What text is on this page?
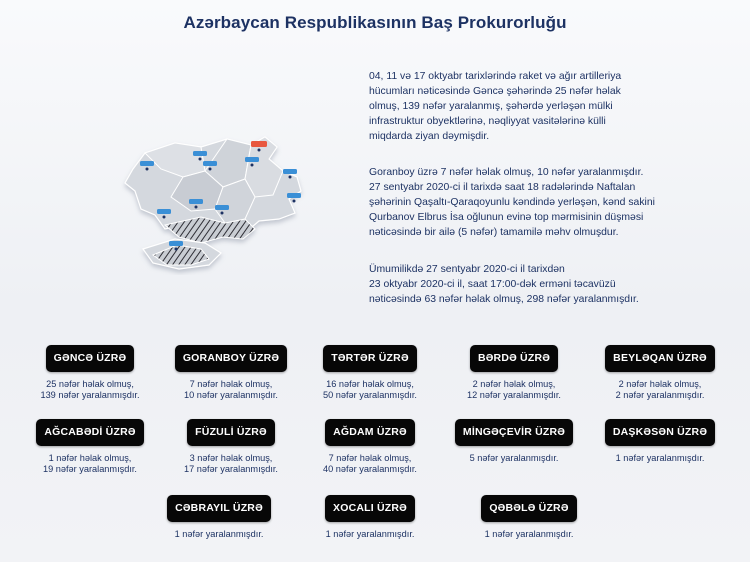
Azərbaycan Respublikasının Baş Prokurorluğu
04, 11 və 17 oktyabr tarixlərində raket və ağır artilleriya
hücumları nəticəsində Gəncə şəhərində 25 nəfər həlak
olmuş, 139 nəfər yaralanmış, şəhərdə yerləşən mülki
infrastruktur obyektlərinə, nəqliyyat vasitələrinə külli
miqdarda ziyan dəymişdir.
Goranboy üzrə 7 nəfər həlak olmuş, 10 nəfər yaralanmışdır.
27 sentyabr 2020-ci il tarixdə saat 18 radələrində Naftalan
şəhərinin Qaşaltı-Qaraqoyunlu kəndində yerləşən, kənd sakini
Qurbanov Elbrus İsa oğlunun evinə top mərmisinin düşməsi
nəticəsində bir ailə (5 nəfər) tamamilə məhv olmuşdur.
Ümumilikdə 27 sentyabr 2020-ci il tarixdən
23 oktyabr 2020-ci il, saat 17:00-dək erməni təcavüzü
nəticəsində 63 nəfər həlak olmuş, 298 nəfər yaralanmışdır.
GƏNCƏ ÜZRƏ
25 nəfər həlak olmuş,
139 nəfər yaralanmışdır.
GORANBOY ÜZRƏ
7 nəfər həlak olmuş,
10 nəfər yaralanmışdır.
TƏRTƏR ÜZRƏ
16 nəfər həlak olmuş,
50 nəfər yaralanmışdır.
BƏRDƏ ÜZRƏ
2 nəfər həlak olmuş,
12 nəfər yaralanmışdır.
BEYLƏQAN ÜZRƏ
2 nəfər həlak olmuş,
2 nəfər yaralanmışdır.
AĞCABƏDİ ÜZRƏ
1 nəfər həlak olmuş,
19 nəfər yaralanmışdır.
FÜZULİ ÜZRƏ
3 nəfər həlak olmuş,
17 nəfər yaralanmışdır.
AĞDAM ÜZRƏ
7 nəfər həlak olmuş,
40 nəfər yaralanmışdır.
MİNGƏÇEVİR ÜZRƏ
5 nəfər yaralanmışdır.
DAŞKƏSƏN ÜZRƏ
1 nəfər yaralanmışdır.
CƏBRAYIL ÜZRƏ
1 nəfər yaralanmışdır.
XOCALI ÜZRƏ
1 nəfər yaralanmışdır.
QƏBƏLƏ ÜZRƏ
1 nəfər yaralanmışdır.
